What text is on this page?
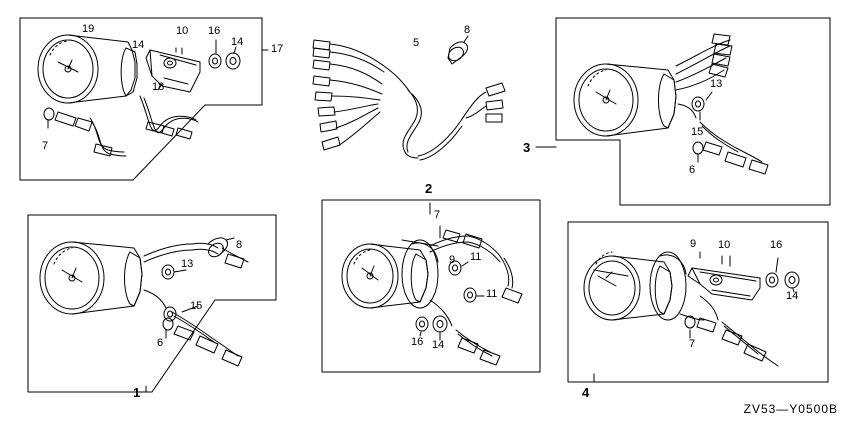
19
14
10 16
14
17
18
7
5
8
3
13
15
6
8
13
15
6
1
2
7
9 11
11
16 14
9 10	16
14
7
4
ZV53—Y0500B
